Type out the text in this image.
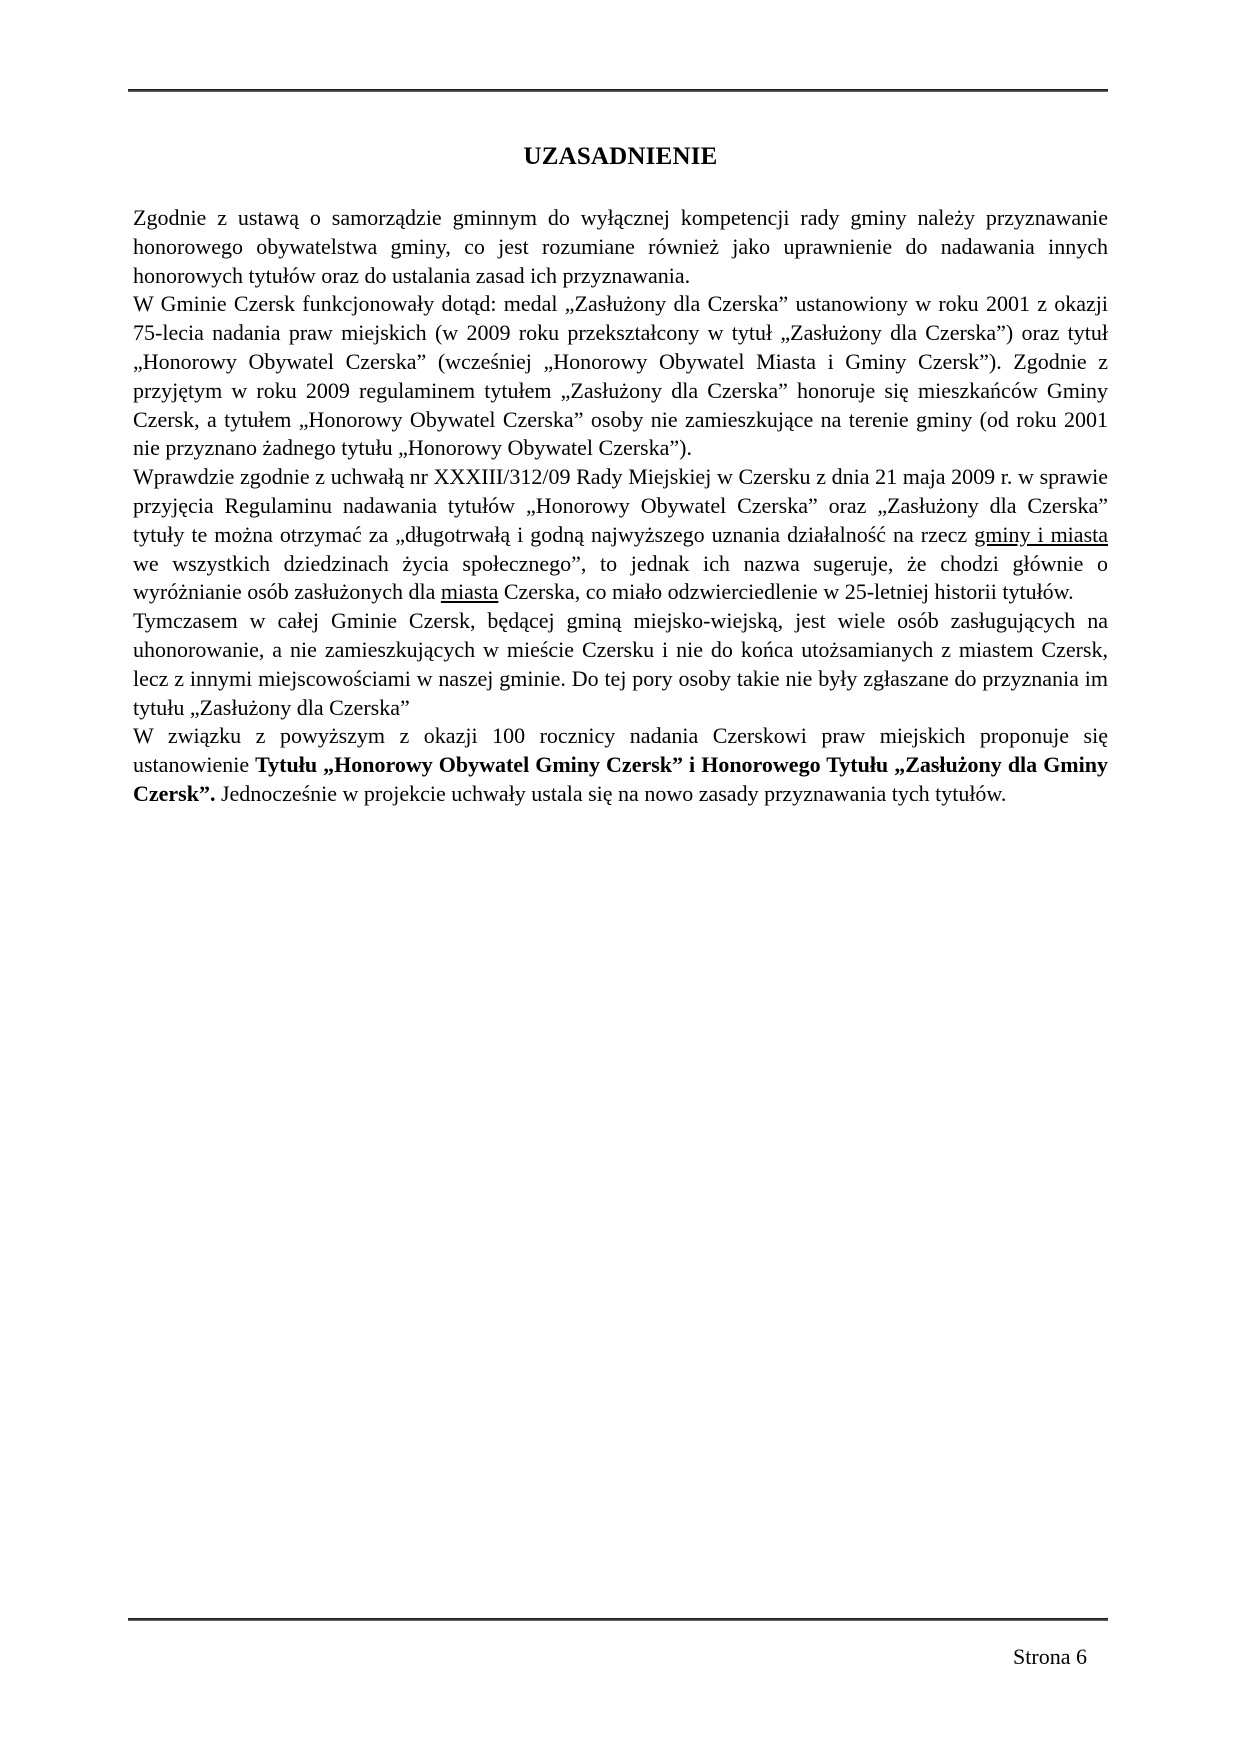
UZASADNIENIE

Zgodnie z ustawą o samorządzie gminnym do wyłącznej kompetencji rady gminy należy przyznawanie honorowego obywatelstwa gminy, co jest rozumiane również jako uprawnienie do nadawania innych honorowych tytułów oraz do ustalania zasad ich przyznawania.

W Gminie Czersk funkcjonowały dotąd: medal „Zasłużony dla Czerska” ustanowiony w roku 2001 z okazji 75-lecia nadania praw miejskich (w 2009 roku przekształcony w tytuł „Zasłużony dla Czerska”) oraz tytuł „Honorowy Obywatel Czerska” (wcześniej „Honorowy Obywatel Miasta i Gminy Czersk”). Zgodnie z przyjętym w roku 2009 regulaminem tytułem „Zasłużony dla Czerska” honoruje się mieszkańców Gminy Czersk, a tytułem „Honorowy Obywatel Czerska” osoby nie zamieszkujące na terenie gminy (od roku 2001 nie przyznano żadnego tytułu „Honorowy Obywatel Czerska”).

Wprawdzie zgodnie z uchwałą nr XXXIII/312/09 Rady Miejskiej w Czersku z dnia 21 maja 2009 r. w sprawie przyjęcia Regulaminu nadawania tytułów „Honorowy Obywatel Czerska” oraz „Zasłużony dla Czerska” tytuły te można otrzymać za „długotrwałą i godną najwyższego uznania działalność na rzecz gminy i miasta we wszystkich dziedzinach życia społecznego”, to jednak ich nazwa sugeruje, że chodzi głównie o wyróżnianie osób zasłużonych dla miasta Czerska, co miało odzwierciedlenie w 25-letniej historii tytułów.

Tymczasem w całej Gminie Czersk, będącej gminą miejsko-wiejską, jest wiele osób zasługujących na uhonorowanie, a nie zamieszkujących w mieście Czersku i nie do końca utożsamianych z miastem Czersk, lecz z innymi miejscowościami w naszej gminie. Do tej pory osoby takie nie były zgłaszane do przyznania im tytułu „Zasłużony dla Czerska”

W związku z powyższym z okazji 100 rocznicy nadania Czerskowi praw miejskich proponuje się ustanowienie Tytułu „Honorowy Obywatel Gminy Czersk” i Honorowego Tytułu „Zasłużony dla Gminy Czersk”. Jednocześnie w projekcie uchwały ustala się na nowo zasady przyznawania tych tytułów.

Strona 6
